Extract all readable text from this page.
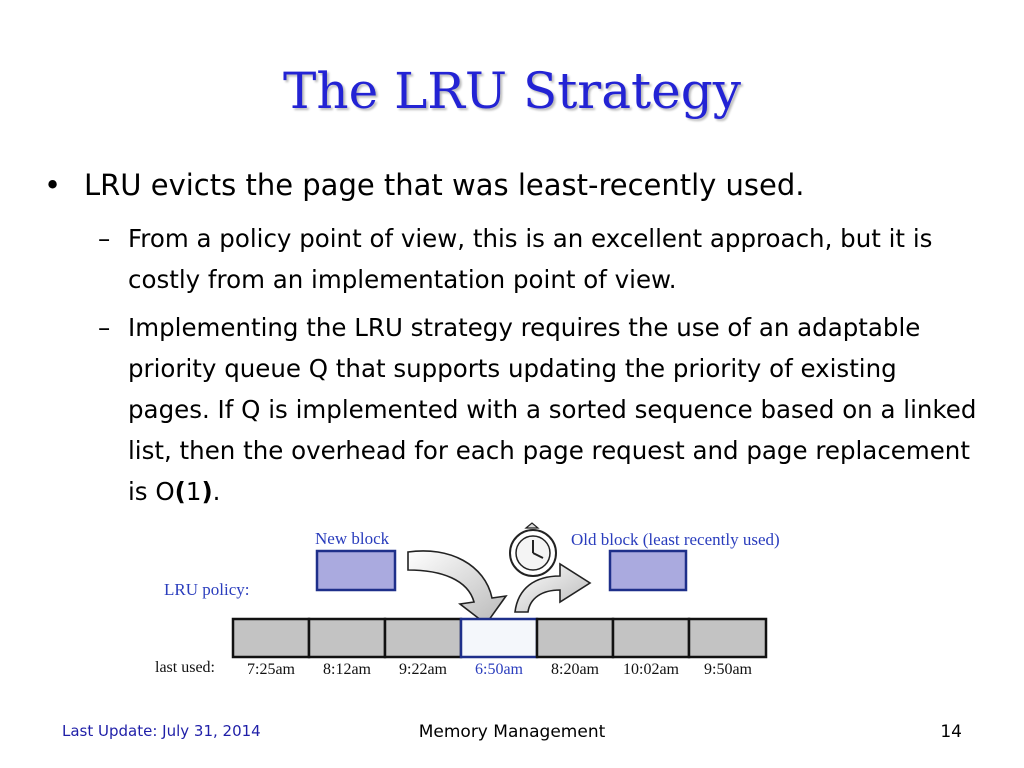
The LRU Strategy
• LRU evicts the page that was least-recently used.
– From a policy point of view, this is an excellent approach, but it is costly from an implementation point of view.
– Implementing the LRU strategy requires the use of an adaptable priority queue Q that supports updating the priority of existing pages. If Q is implemented with a sorted sequence based on a linked list, then the overhead for each page request and page replacement is O(1).
New block	Old block (least recently used)
LRU policy:
last used: 7:25am 8:12am 9:22am 6:50am 8:20am 10:02am 9:50am
Last Update: July 31, 2014	Memory Management	14
